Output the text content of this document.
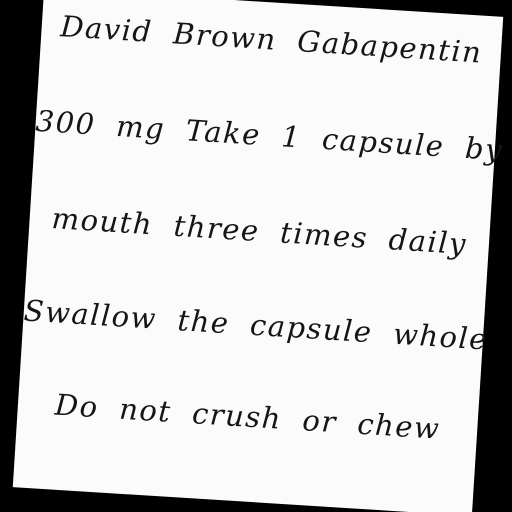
David Brown Gabapentin
300 mg Take 1 capsule by
mouth three times daily
Swallow the capsule whole
Do not crush or chew
